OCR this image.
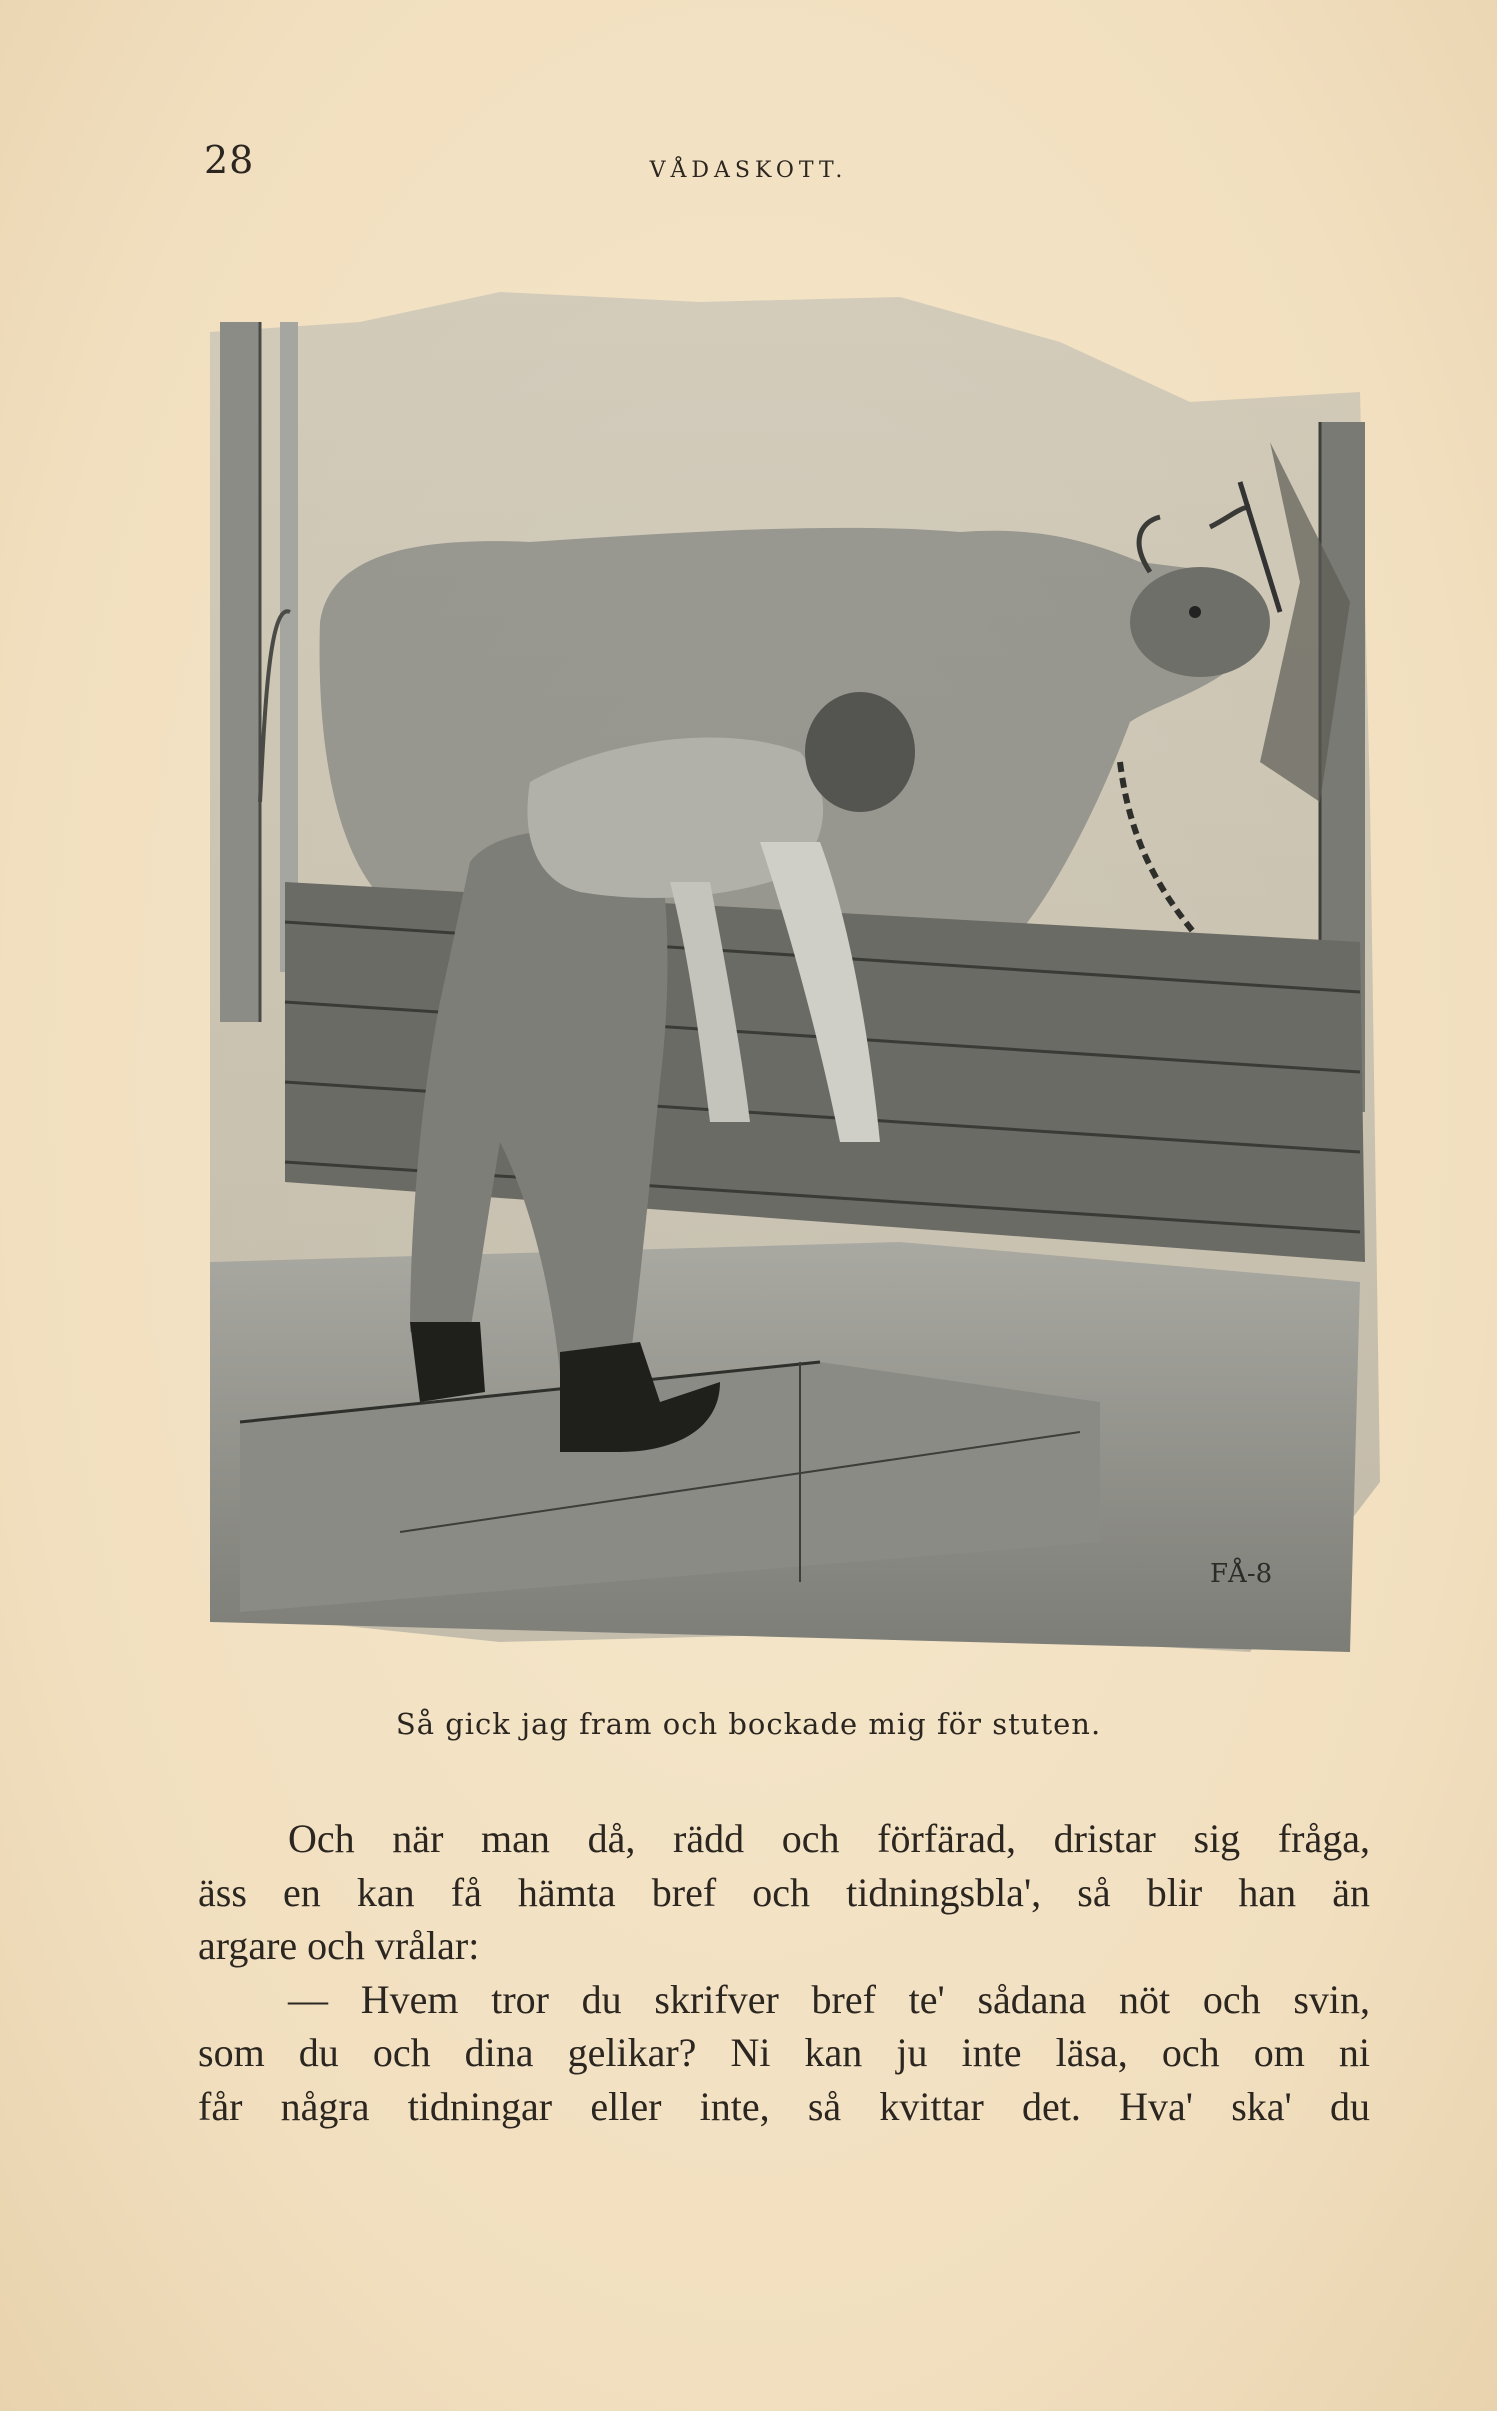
28	VÅDASKOTT.
FÅ-8
Så gick jag fram och bockade mig för stuten.
Och när man då, rädd och förfärad, dristar sig fråga,
äss en kan få hämta bref och tidningsbla', så blir han än
argare och vrålar:
— Hvem tror du skrifver bref te' sådana nöt och svin,
som du och dina gelikar? Ni kan ju inte läsa, och om ni
får några tidningar eller inte, så kvittar det. Hva' ska' du
